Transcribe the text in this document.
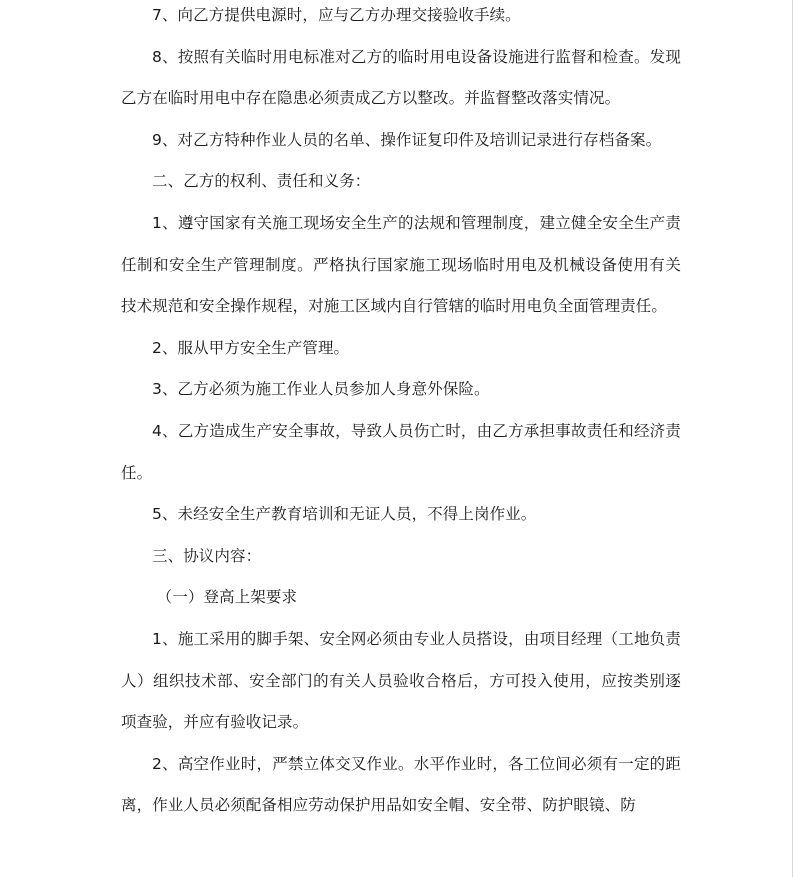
7、向乙方提供电源时，应与乙方办理交接验收手续。

8、按照有关临时用电标准对乙方的临时用电设备设施进行监督和检查。发现乙方在临时用电中存在隐患必须责成乙方以整改。并监督整改落实情况。

9、对乙方特种作业人员的名单、操作证复印件及培训记录进行存档备案。

二、乙方的权利、责任和义务：

1、遵守国家有关施工现场安全生产的法规和管理制度，建立健全安全生产责任制和安全生产管理制度。严格执行国家施工现场临时用电及机械设备使用有关技术规范和安全操作规程，对施工区域内自行管辖的临时用电负全面管理责任。

2、服从甲方安全生产管理。

3、乙方必须为施工作业人员参加人身意外保险。

4、乙方造成生产安全事故，导致人员伤亡时，由乙方承担事故责任和经济责任。

5、未经安全生产教育培训和无证人员，不得上岗作业。

三、协议内容：

（一）登高上架要求

1、施工采用的脚手架、安全网必须由专业人员搭设，由项目经理（工地负责人）组织技术部、安全部门的有关人员验收合格后，方可投入使用，应按类别逐项查验，并应有验收记录。

2、高空作业时，严禁立体交叉作业。水平作业时，各工位间必须有一定的距离，作业人员必须配备相应劳动保护用品如安全帽、安全带、防护眼镜、防
